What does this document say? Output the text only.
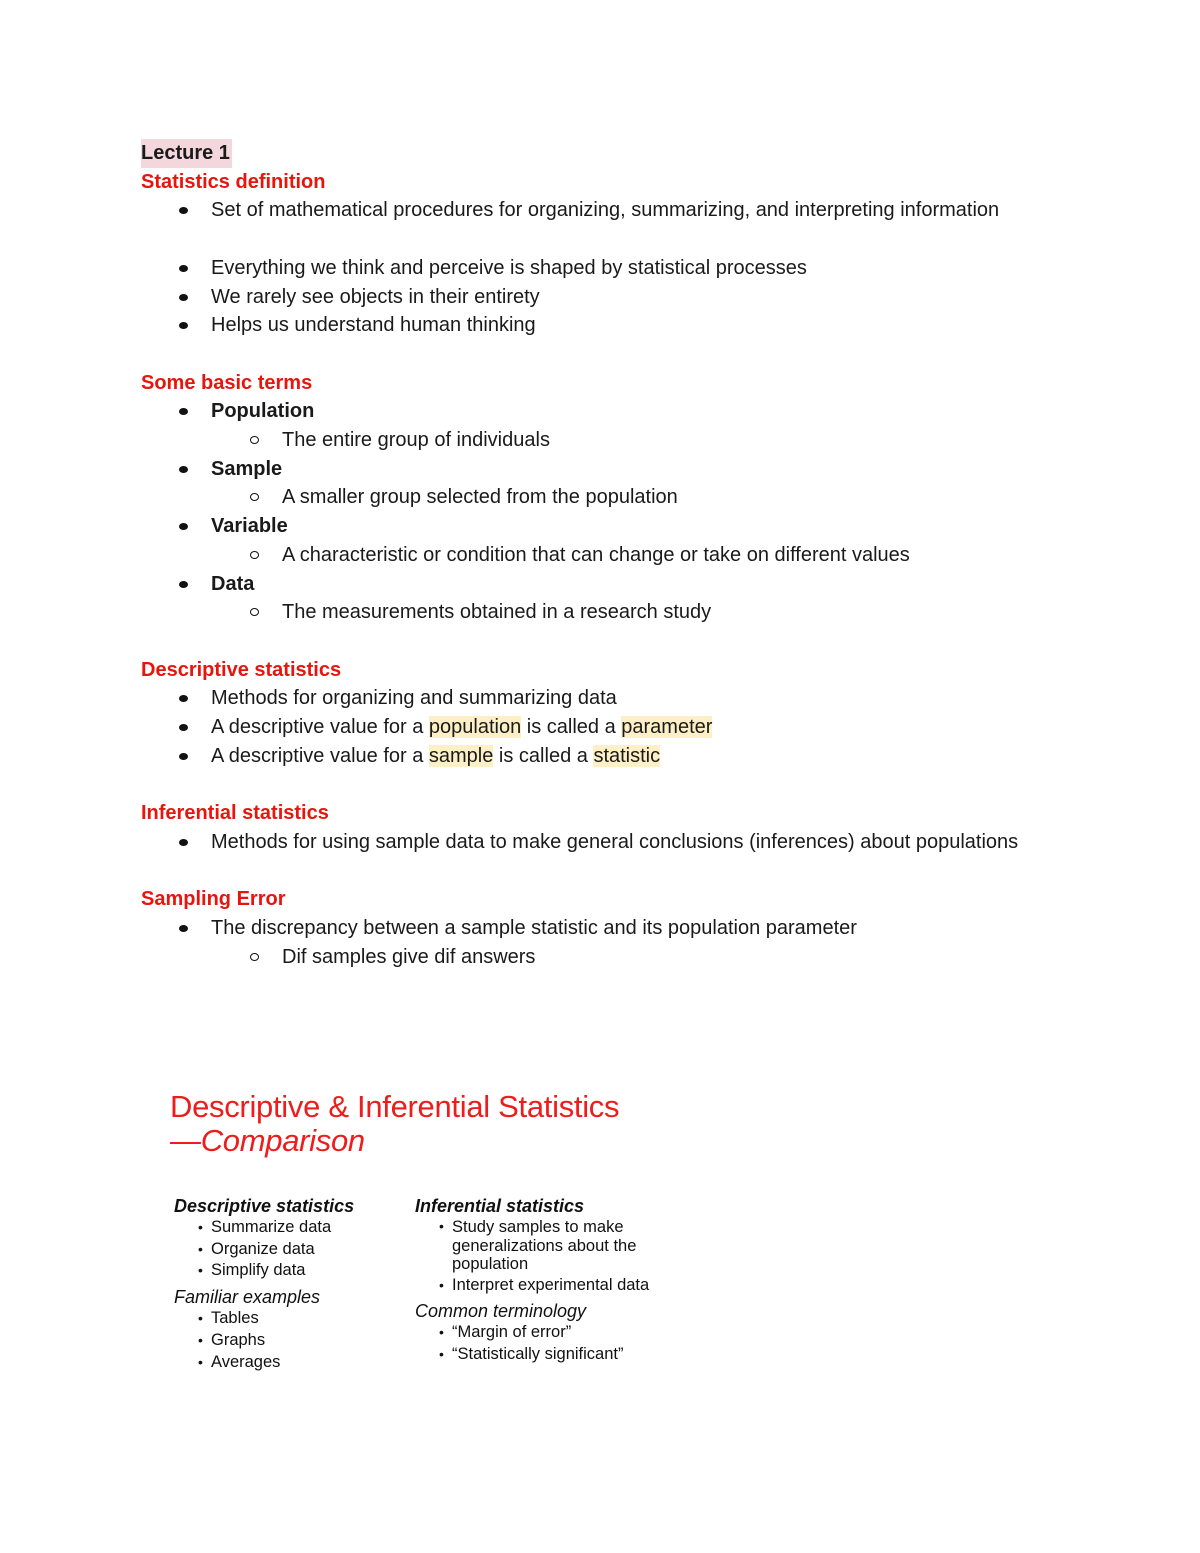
Lecture 1
Statistics definition
Set of mathematical procedures for organizing, summarizing, and interpreting information
Everything we think and perceive is shaped by statistical processes
We rarely see objects in their entirety
Helps us understand human thinking
Some basic terms
Population
The entire group of individuals
Sample
A smaller group selected from the population
Variable
A characteristic or condition that can change or take on different values
Data
The measurements obtained in a research study
Descriptive statistics
Methods for organizing and summarizing data
A descriptive value for a population is called a parameter
A descriptive value for a sample is called a statistic
Inferential statistics
Methods for using sample data to make general conclusions (inferences) about populations
Sampling Error
The discrepancy between a sample statistic and its population parameter
Dif samples give dif answers
Descriptive & Inferential Statistics
—Comparison
Descriptive statistics
• Summarize data
• Organize data
• Simplify data
Familiar examples
• Tables
• Graphs
• Averages
Inferential statistics
• Study samples to make generalizations about the population
• Interpret experimental data
Common terminology
• “Margin of error”
• “Statistically significant”
